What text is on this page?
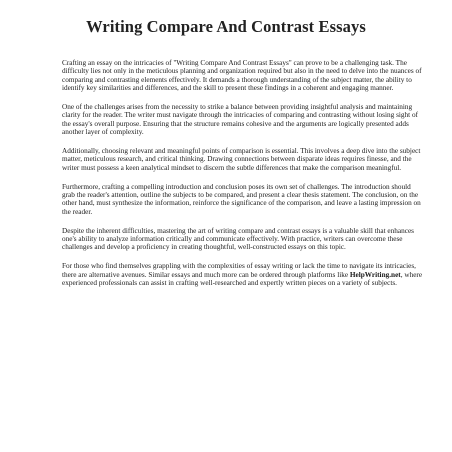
Writing Compare And Contrast Essays

Crafting an essay on the intricacies of "Writing Compare And Contrast Essays" can prove to be a challenging task. The difficulty lies not only in the meticulous planning and organization required but also in the need to delve into the nuances of comparing and contrasting elements effectively. It demands a thorough understanding of the subject matter, the ability to identify key similarities and differences, and the skill to present these findings in a coherent and engaging manner.

One of the challenges arises from the necessity to strike a balance between providing insightful analysis and maintaining clarity for the reader. The writer must navigate through the intricacies of comparing and contrasting without losing sight of the essay's overall purpose. Ensuring that the structure remains cohesive and the arguments are logically presented adds another layer of complexity.

Additionally, choosing relevant and meaningful points of comparison is essential. This involves a deep dive into the subject matter, meticulous research, and critical thinking. Drawing connections between disparate ideas requires finesse, and the writer must possess a keen analytical mindset to discern the subtle differences that make the comparison meaningful.

Furthermore, crafting a compelling introduction and conclusion poses its own set of challenges. The introduction should grab the reader's attention, outline the subjects to be compared, and present a clear thesis statement. The conclusion, on the other hand, must synthesize the information, reinforce the significance of the comparison, and leave a lasting impression on the reader.

Despite the inherent difficulties, mastering the art of writing compare and contrast essays is a valuable skill that enhances one's ability to analyze information critically and communicate effectively. With practice, writers can overcome these challenges and develop a proficiency in creating thoughtful, well-constructed essays on this topic.

For those who find themselves grappling with the complexities of essay writing or lack the time to navigate its intricacies, there are alternative avenues. Similar essays and much more can be ordered through platforms like HelpWriting.net, where experienced professionals can assist in crafting well-researched and expertly written pieces on a variety of subjects.
